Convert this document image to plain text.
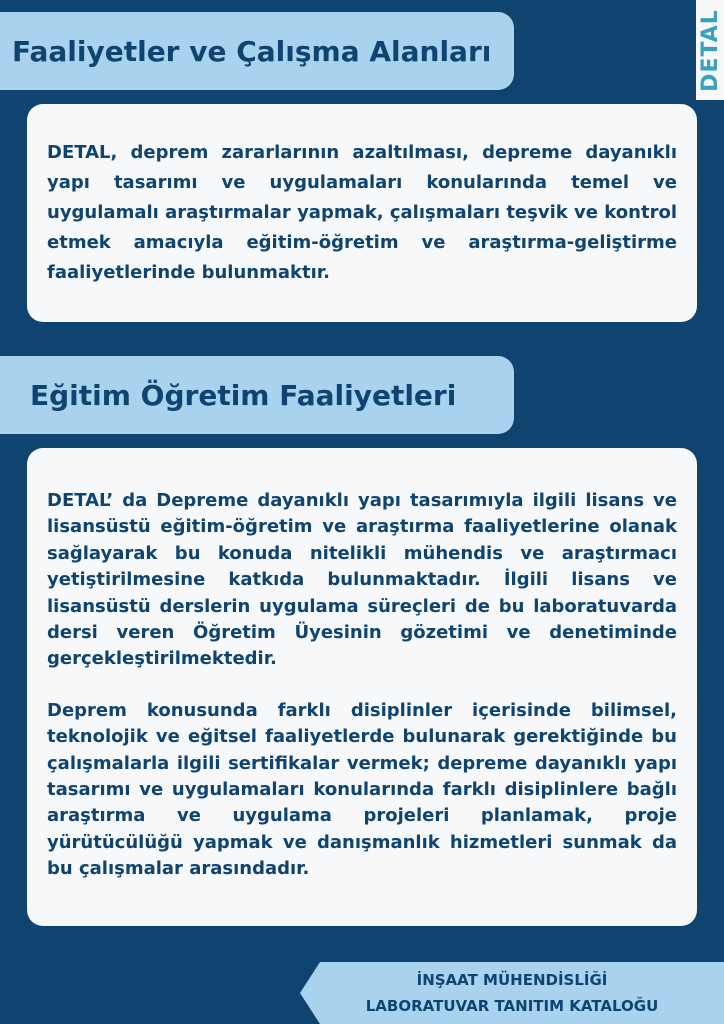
DETAL
Faaliyetler ve Çalışma Alanları
DETAL, deprem zararlarının azaltılması, depreme dayanıklı yapı tasarımı ve uygulamaları konularında temel ve uygulamalı araştırmalar yapmak, çalışmaları teşvik ve kontrol etmek amacıyla eğitim-öğretim ve araştırma-geliştirme faaliyetlerinde bulunmaktır.
Eğitim Öğretim Faaliyetleri

DETAL’ da Depreme dayanıklı yapı tasarımıyla ilgili lisans ve lisansüstü eğitim-öğretim ve araştırma faaliyetlerine olanak sağlayarak bu konuda nitelikli mühendis ve araştırmacı yetiştirilmesine katkıda bulunmaktadır. İlgili lisans ve lisansüstü derslerin uygulama süreçleri de bu laboratuvarda dersi veren Öğretim Üyesinin gözetimi ve denetiminde gerçekleştirilmektedir.

Deprem konusunda farklı disiplinler içerisinde bilimsel, teknolojik ve eğitsel faaliyetlerde bulunarak gerektiğinde bu çalışmalarla ilgili sertifikalar vermek; depreme dayanıklı yapı tasarımı ve uygulamaları konularında farklı disiplinlere bağlı araştırma ve uygulama projeleri planlamak, proje yürütücülüğü yapmak ve danışmanlık hizmetleri sunmak da bu çalışmalar arasındadır.

İNŞAAT MÜHENDİSLİĞİ
LABORATUVAR TANITIM KATALOĞU
